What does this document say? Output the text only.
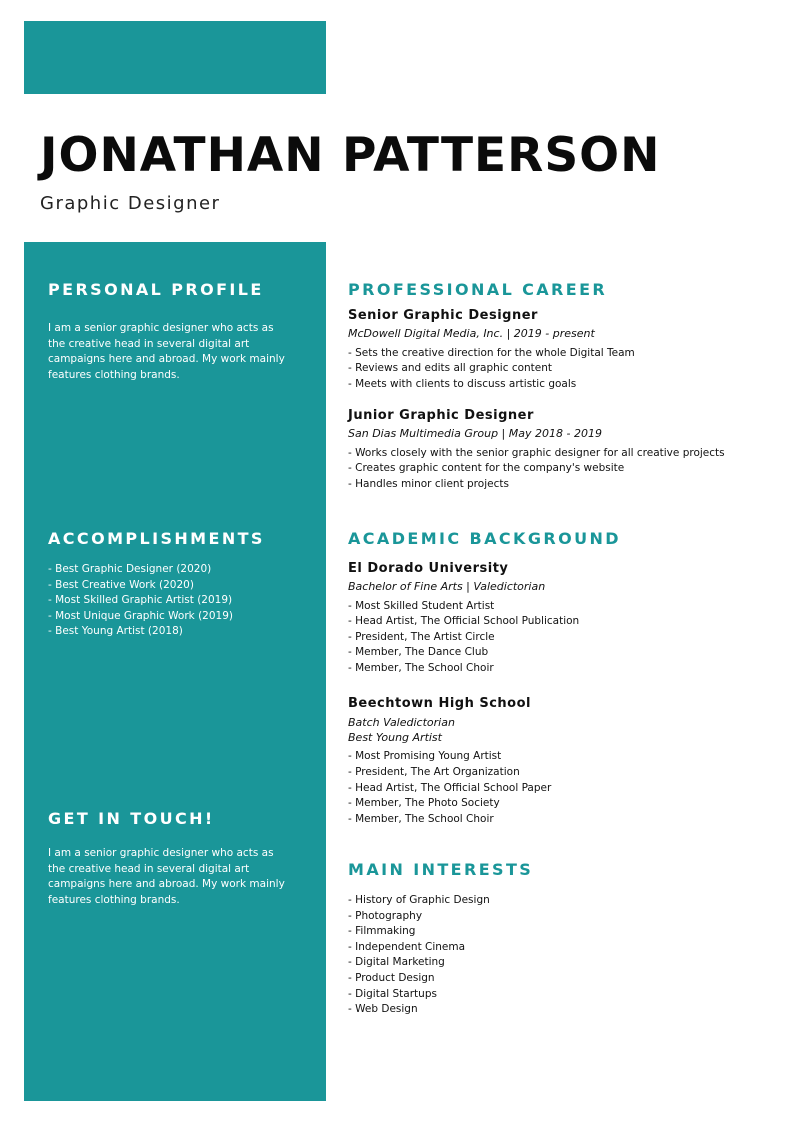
JONATHAN PATTERSON
Graphic Designer
PERSONAL PROFILE

I am a senior graphic designer who acts as the creative head in several digital art campaigns here and abroad. My work mainly features clothing brands.

ACCOMPLISHMENTS
- Best Graphic Designer (2020)
- Best Creative Work (2020)
- Most Skilled Graphic Artist (2019)
- Most Unique Graphic Work (2019)
- Best Young Artist (2018)
GET IN TOUCH!

I am a senior graphic designer who acts as the creative head in several digital art campaigns here and abroad. My work mainly features clothing brands.

PROFESSIONAL CAREER

Senior Graphic Designer

McDowell Digital Media, Inc. | 2019 - present

- Sets the creative direction for the whole Digital Team
- Reviews and edits all graphic content
- Meets with clients to discuss artistic goals

Junior Graphic Designer

San Dias Multimedia Group | May 2018 - 2019

- Works closely with the senior graphic designer for all creative projects
- Creates graphic content for the company's website
- Handles minor client projects
ACADEMIC BACKGROUND

El Dorado University

Bachelor of Fine Arts | Valedictorian

- Most Skilled Student Artist
- Head Artist, The Official School Publication
- President, The Artist Circle
- Member, The Dance Club
- Member, The School Choir

Beechtown High School

Batch Valedictorian

Best Young Artist

- Most Promising Young Artist
- President, The Art Organization
- Head Artist, The Official School Paper
- Member, The Photo Society
- Member, The School Choir
MAIN INTERESTS
- History of Graphic Design
- Photography
- Filmmaking
- Independent Cinema
- Digital Marketing
- Product Design
- Digital Startups
- Web Design
